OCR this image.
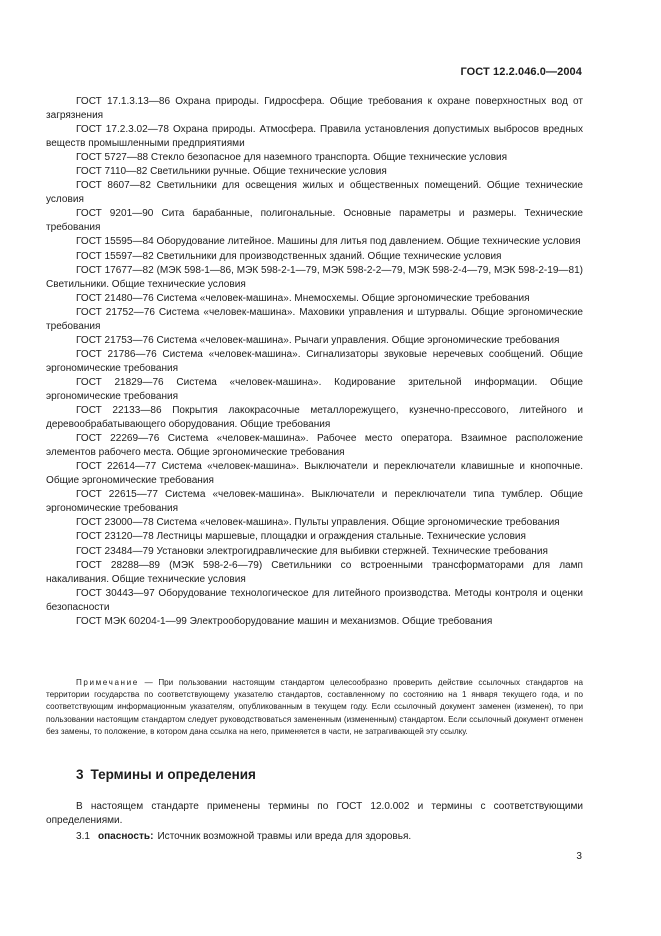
ГОСТ 12.2.046.0—2004

ГОСТ 17.1.3.13—86 Охрана природы. Гидросфера. Общие требования к охране поверхностных вод от загрязнения

ГОСТ 17.2.3.02—78 Охрана природы. Атмосфера. Правила установления допустимых выбросов вредных веществ промышленными предприятиями

ГОСТ 5727—88 Стекло безопасное для наземного транспорта. Общие технические условия

ГОСТ 7110—82 Светильники ручные. Общие технические условия

ГОСТ 8607—82 Светильники для освещения жилых и общественных помещений. Общие технические условия

ГОСТ 9201—90 Сита барабанные, полигональные. Основные параметры и размеры. Технические требования

ГОСТ 15595—84 Оборудование литейное. Машины для литья под давлением. Общие технические условия

ГОСТ 15597—82 Светильники для производственных зданий. Общие технические условия

ГОСТ 17677—82 (МЭК 598-1—86, МЭК 598-2-1—79, МЭК 598-2-2—79, МЭК 598-2-4—79, МЭК 598-2-19—81) Светильники. Общие технические условия

ГОСТ 21480—76 Система «человек-машина». Мнемосхемы. Общие эргономические требования

ГОСТ 21752—76 Система «человек-машина». Маховики управления и штурвалы. Общие эргономические требования

ГОСТ 21753—76 Система «человек-машина». Рычаги управления. Общие эргономические требования

ГОСТ 21786—76 Система «человек-машина». Сигнализаторы звуковые неречевых сообщений. Общие эргономические требования

ГОСТ 21829—76 Система «человек-машина». Кодирование зрительной информации. Общие эргономические требования

ГОСТ 22133—86 Покрытия лакокрасочные металлорежущего, кузнечно-прессового, литейного и деревообрабатывающего оборудования. Общие требования

ГОСТ 22269—76 Система «человек-машина». Рабочее место оператора. Взаимное расположение элементов рабочего места. Общие эргономические требования

ГОСТ 22614—77 Система «человек-машина». Выключатели и переключатели клавишные и кнопочные. Общие эргономические требования

ГОСТ 22615—77 Система «человек-машина». Выключатели и переключатели типа тумблер. Общие эргономические требования

ГОСТ 23000—78 Система «человек-машина». Пульты управления. Общие эргономические требования

ГОСТ 23120—78 Лестницы маршевые, площадки и ограждения стальные. Технические условия

ГОСТ 23484—79 Установки электрогидравлические для выбивки стержней. Технические требования

ГОСТ 28288—89 (МЭК 598-2-6—79) Светильники со встроенными трансформаторами для ламп накаливания. Общие технические условия

ГОСТ 30443—97 Оборудование технологическое для литейного производства. Методы контроля и оценки безопасности

ГОСТ МЭК 60204-1—99 Электрооборудование машин и механизмов. Общие требования

Примечание — При пользовании настоящим стандартом целесообразно проверить действие ссылочных стандартов на территории государства по соответствующему указателю стандартов, составленному по состоянию на 1 января текущего года, и по соответствующим информационным указателям, опубликованным в текущем году. Если ссылочный документ заменен (изменен), то при пользовании настоящим стандартом следует руководствоваться замененным (измененным) стандартом. Если ссылочный документ отменен без замены, то положение, в котором дана ссылка на него, применяется в части, не затрагивающей эту ссылку.
3 Термины и определения

В настоящем стандарте применены термины по ГОСТ 12.0.002 и термины с соответствующими определениями.

3.1 опасность: Источник возможной травмы или вреда для здоровья.

3
